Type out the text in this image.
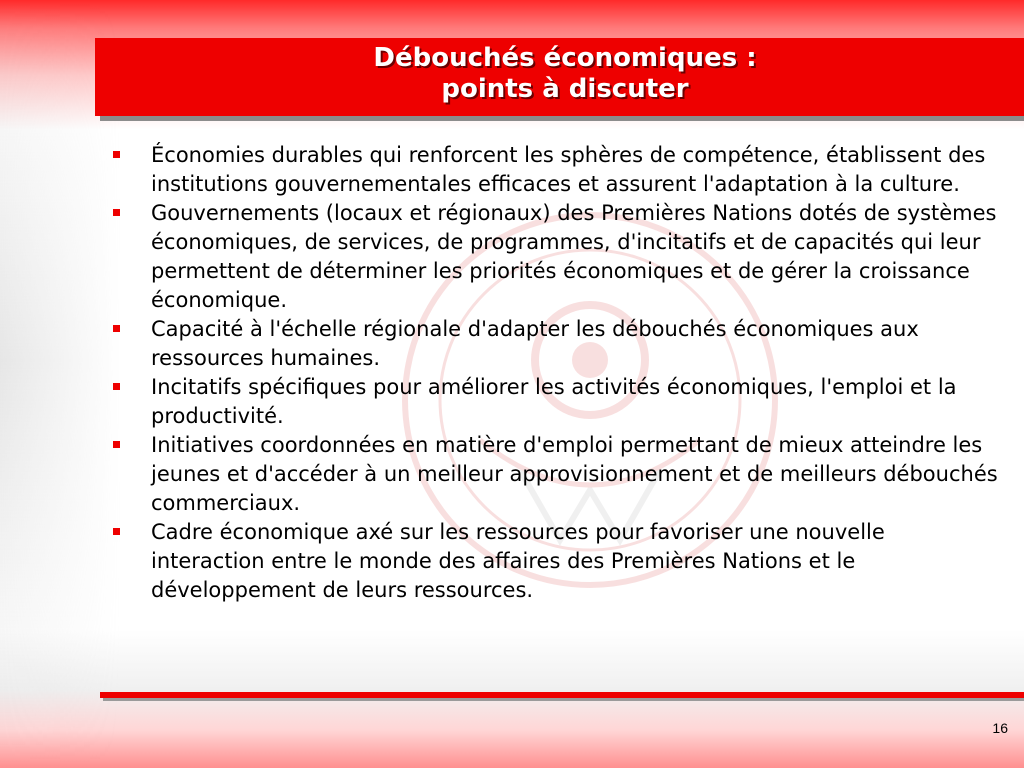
Débouchés économiques :
points à discuter
Économies durables qui renforcent les sphères de compétence, établissent des institutions gouvernementales efficaces et assurent l'adaptation à la culture.
Gouvernements (locaux et régionaux) des Premières Nations dotés de systèmes économiques, de services, de programmes, d'incitatifs et de capacités qui leur permettent de déterminer les priorités économiques et de gérer la croissance économique.
Capacité à l'échelle régionale d'adapter les débouchés économiques aux ressources humaines.
Incitatifs spécifiques pour améliorer les activités économiques, l'emploi et la productivité.
Initiatives coordonnées en matière d'emploi permettant de mieux atteindre les jeunes et d'accéder à un meilleur approvisionnement et de meilleurs débouchés commerciaux.
Cadre économique axé sur les ressources pour favoriser une nouvelle interaction entre le monde des affaires des Premières Nations et le développement de leurs ressources.
16
